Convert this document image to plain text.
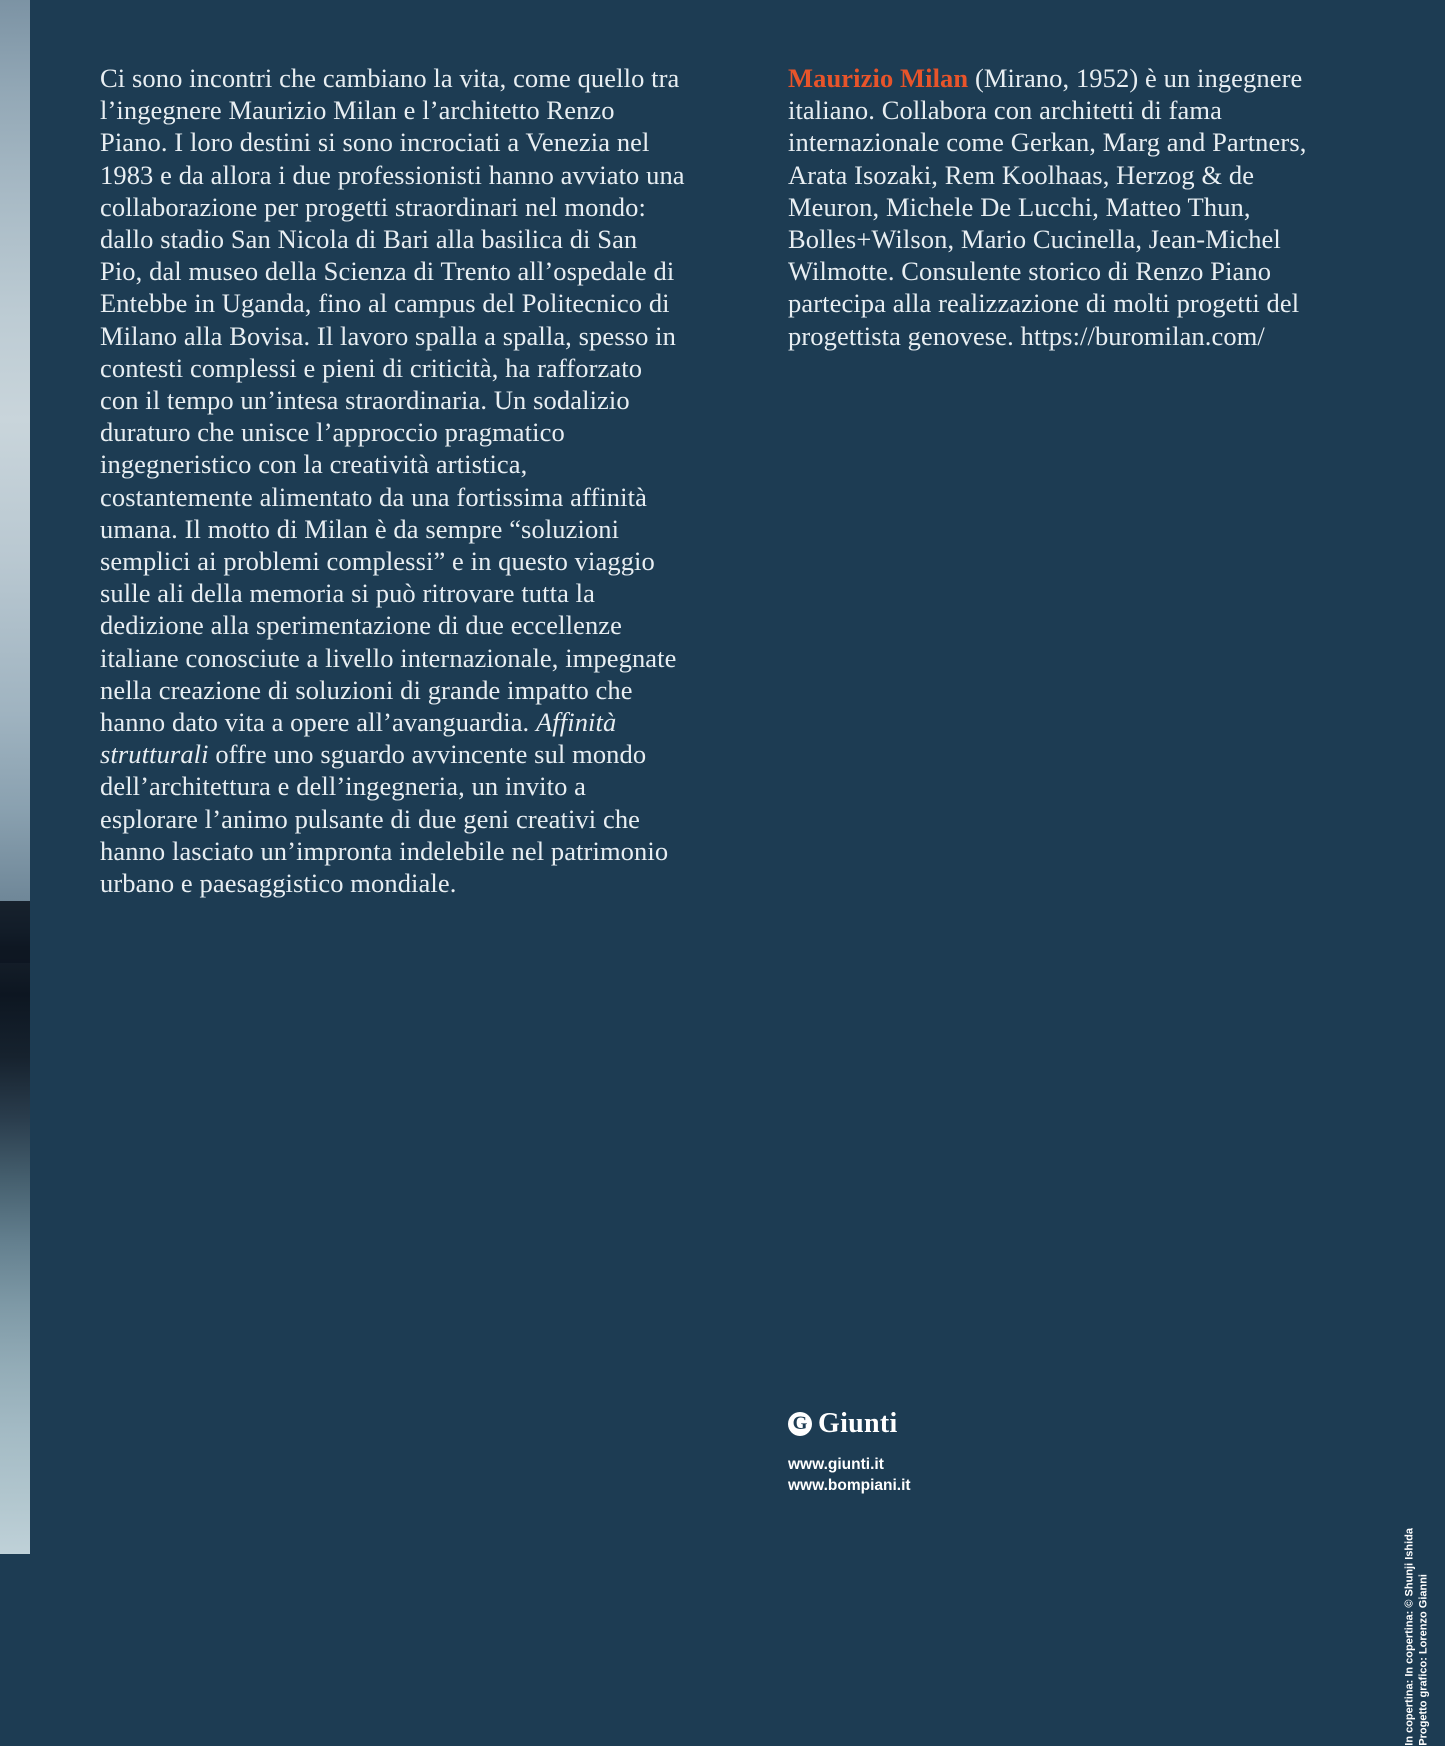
Ci sono incontri che cambiano la vita, come quello tra l’ingegnere Maurizio Milan e l’architetto Renzo Piano. I loro destini si sono incrociati a Venezia nel 1983 e da allora i due professionisti hanno avviato una collaborazione per progetti straordinari nel mondo: dallo stadio San Nicola di Bari alla basilica di San Pio, dal museo della Scienza di Trento all’ospedale di Entebbe in Uganda, fino al campus del Politecnico di Milano alla Bovisa. Il lavoro spalla a spalla, spesso in contesti complessi e pieni di criticità, ha rafforzato con il tempo un’intesa straordinaria. Un sodalizio duraturo che unisce l’approccio pragmatico ingegneristico con la creatività artistica, costantemente alimentato da una fortissima affinità umana. Il motto di Milan è da sempre “soluzioni semplici ai problemi complessi” e in questo viaggio sulle ali della memoria si può ritrovare tutta la dedizione alla sperimentazione di due eccellenze italiane conosciute a livello internazionale, impegnate nella creazione di soluzioni di grande impatto che hanno dato vita a opere all’avanguardia. Affinità strutturali offre uno sguardo avvincente sul mondo dell’architettura e dell’ingegneria, un invito a esplorare l’animo pulsante di due geni creativi che hanno lasciato un’impronta indelebile nel patrimonio urbano e paesaggistico mondiale.
Maurizio Milan (Mirano, 1952) è un ingegnere italiano. Collabora con architetti di fama internazionale come Gerkan, Marg and Partners, Arata Isozaki, Rem Koolhaas, Herzog & de Meuron, Michele De Lucchi, Matteo Thun, Bolles+Wilson, Mario Cucinella, Jean-Michel Wilmotte. Consulente storico di Renzo Piano partecipa alla realizzazione di molti progetti del progettista genovese. https://buromilan.com/
G Giunti
www.giunti.it
www.bompiani.it
In copertina: In copertina: © Shunji Ishida Progetto grafico: Lorenzo Gianni
